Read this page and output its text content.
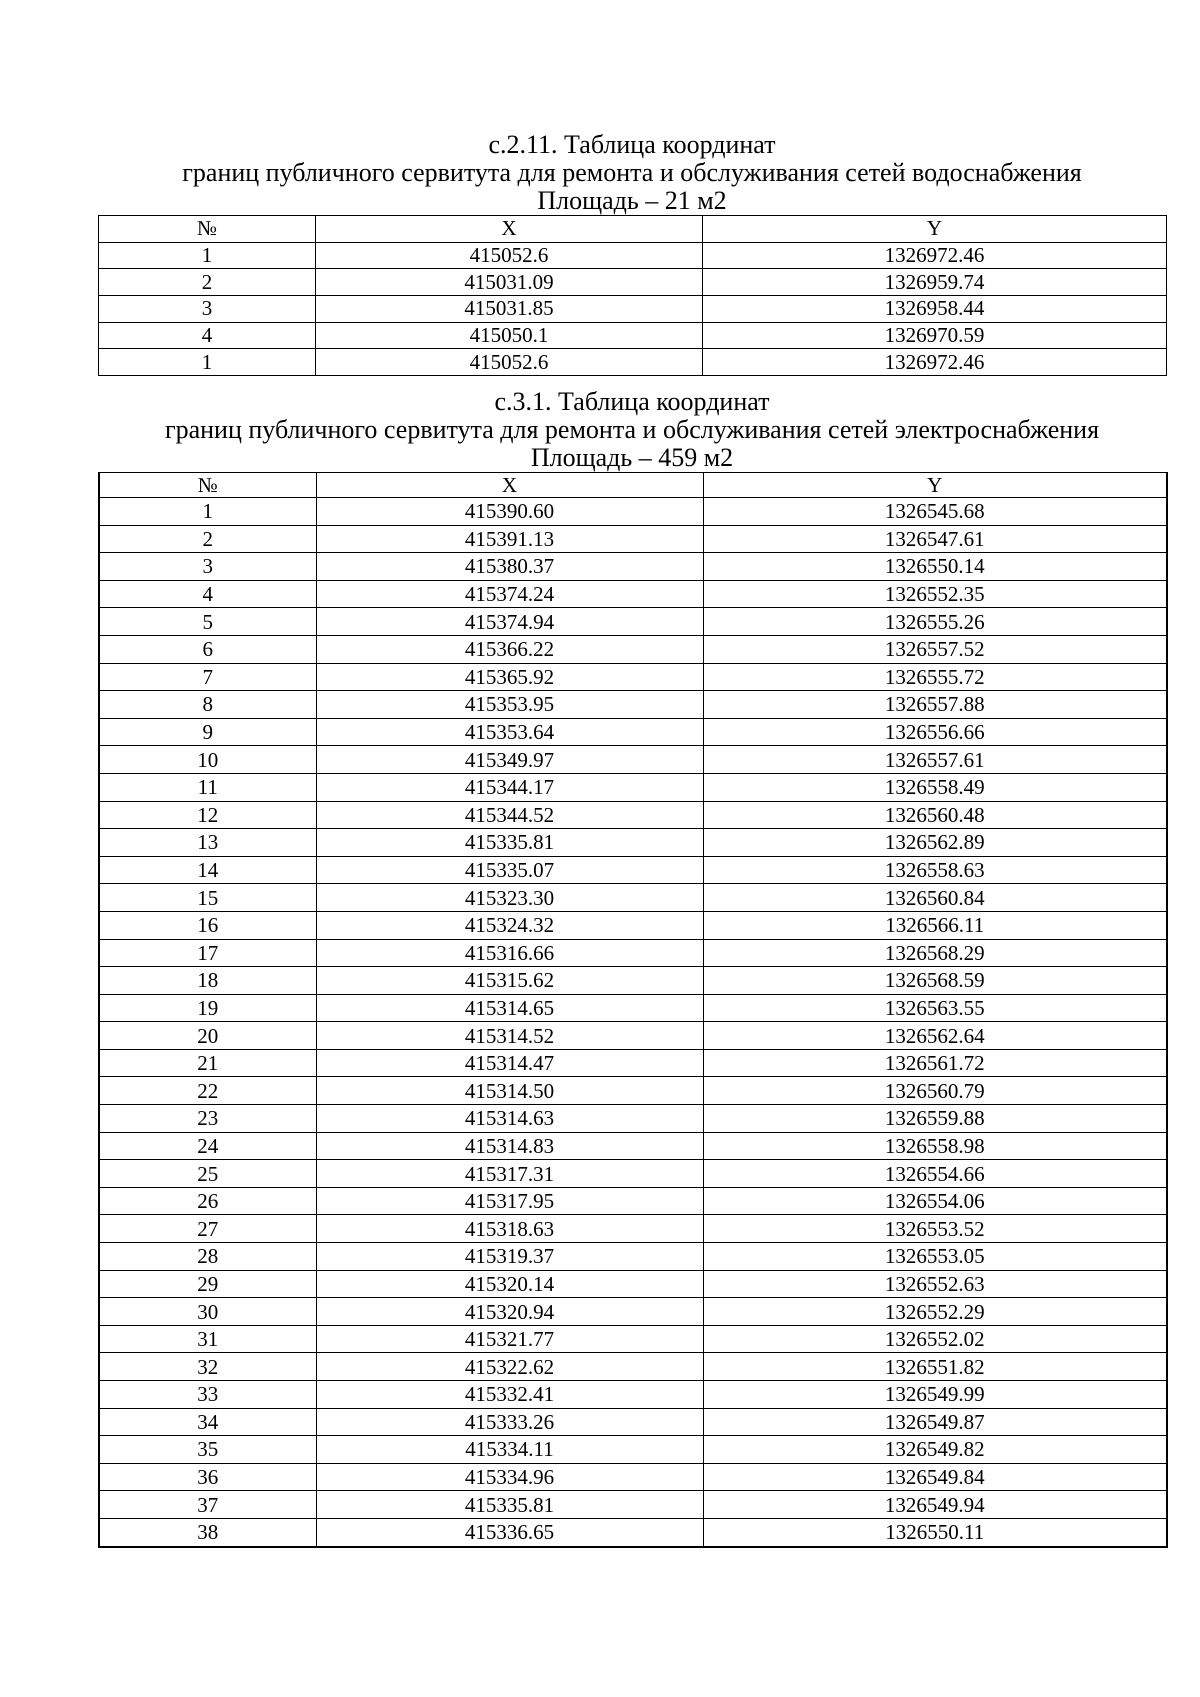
с.2.11. Таблица координат
границ публичного сервитута для ремонта и обслуживания сетей водоснабжения
Площадь – 21 м2
№	X	Y
1	415052.6	1326972.46
2	415031.09	1326959.74
3	415031.85	1326958.44
4	415050.1	1326970.59
1	415052.6	1326972.46
с.3.1. Таблица координат
границ публичного сервитута для ремонта и обслуживания сетей электроснабжения
Площадь – 459 м2
№	X	Y
1	415390.60	1326545.68
2	415391.13	1326547.61
3	415380.37	1326550.14
4	415374.24	1326552.35
5	415374.94	1326555.26
6	415366.22	1326557.52
7	415365.92	1326555.72
8	415353.95	1326557.88
9	415353.64	1326556.66
10	415349.97	1326557.61
11	415344.17	1326558.49
12	415344.52	1326560.48
13	415335.81	1326562.89
14	415335.07	1326558.63
15	415323.30	1326560.84
16	415324.32	1326566.11
17	415316.66	1326568.29
18	415315.62	1326568.59
19	415314.65	1326563.55
20	415314.52	1326562.64
21	415314.47	1326561.72
22	415314.50	1326560.79
23	415314.63	1326559.88
24	415314.83	1326558.98
25	415317.31	1326554.66
26	415317.95	1326554.06
27	415318.63	1326553.52
28	415319.37	1326553.05
29	415320.14	1326552.63
30	415320.94	1326552.29
31	415321.77	1326552.02
32	415322.62	1326551.82
33	415332.41	1326549.99
34	415333.26	1326549.87
35	415334.11	1326549.82
36	415334.96	1326549.84
37	415335.81	1326549.94
38	415336.65	1326550.11
